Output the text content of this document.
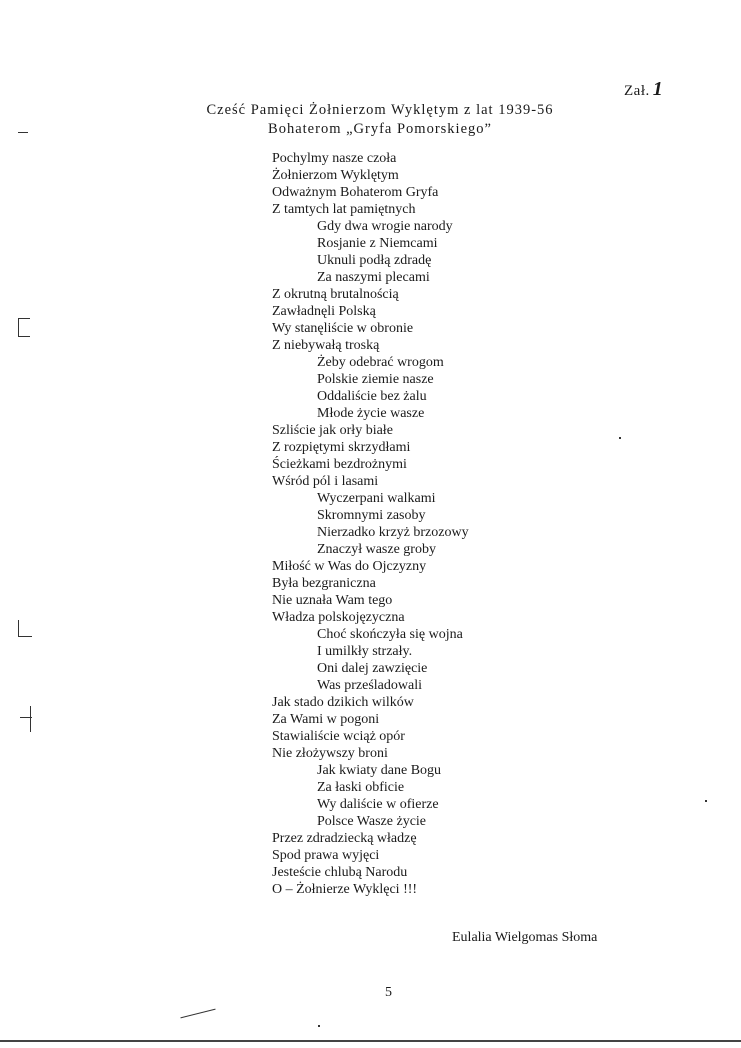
Zał. 1
Cześć Pamięci Żołnierzom Wyklętym z lat 1939-56
Bohaterom „Gryfa Pomorskiego”
Pochylmy nasze czoła
Żołnierzom Wyklętym
Odważnym Bohaterom Gryfa
Z tamtych lat pamiętnych
Gdy dwa wrogie narody
Rosjanie z Niemcami
Uknuli podłą zdradę
Za naszymi plecami
Z okrutną brutalnością
Zawładnęli Polską
Wy stanęliście w obronie
Z niebywałą troską
Żeby odebrać wrogom
Polskie ziemie nasze
Oddaliście bez żalu
Młode życie wasze
Szliście jak orły białe
Z rozpiętymi skrzydłami
Ścieżkami bezdrożnymi
Wśród pól i lasami
Wyczerpani walkami
Skromnymi zasoby
Nierzadko krzyż brzozowy
Znaczył wasze groby
Miłość w Was do Ojczyzny
Była bezgraniczna
Nie uznała Wam tego
Władza polskojęzyczna
Choć skończyła się wojna
I umilkły strzały.
Oni dalej zawzięcie
Was prześladowali
Jak stado dzikich wilków
Za Wami w pogoni
Stawialiście wciąż opór
Nie złożywszy broni
Jak kwiaty dane Bogu
Za łaski obficie
Wy daliście w ofierze
Polsce Wasze życie
Przez zdradziecką władzę
Spod prawa wyjęci
Jesteście chlubą Narodu
O – Żołnierze Wyklęci !!!
Eulalia Wielgomas Słoma
5
